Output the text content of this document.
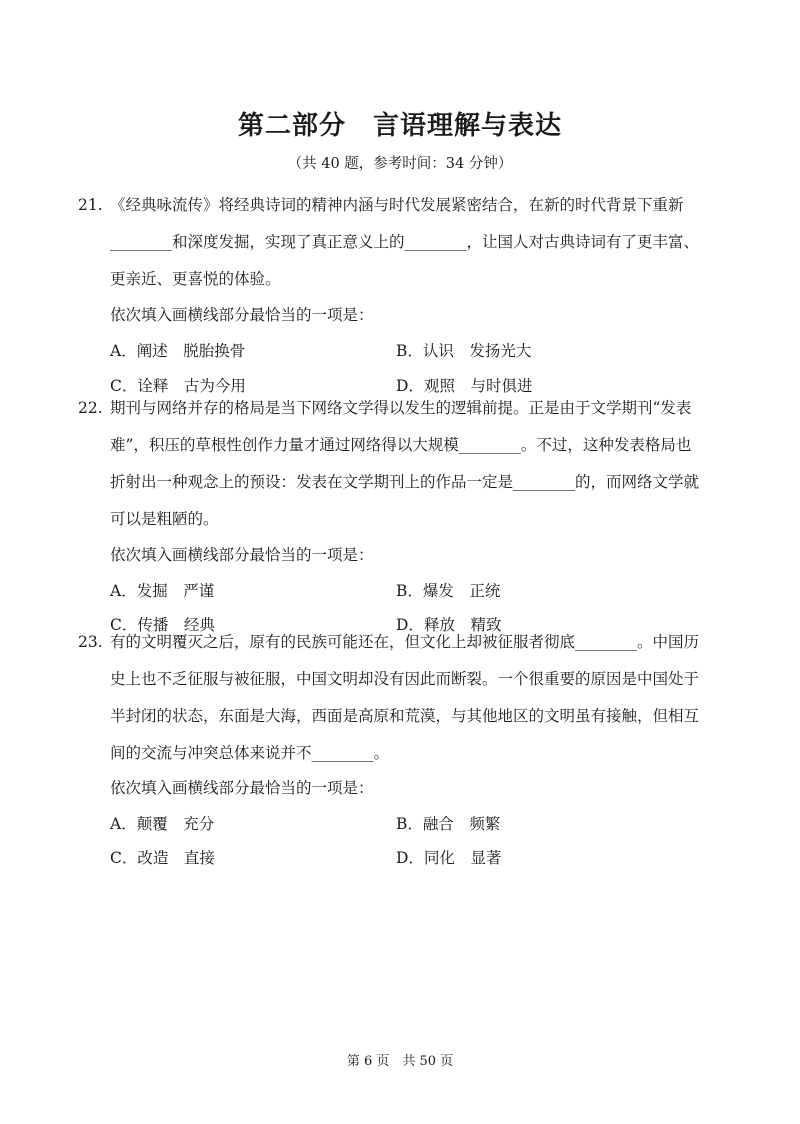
第二部分　言语理解与表达
（共 40 题，参考时间：34 分钟）
21. 《经典咏流传》将经典诗词的精神内涵与时代发展紧密结合，在新的时代背景下重新
________和深度发掘，实现了真正意义上的________，让国人对古典诗词有了更丰富、
更亲近、更喜悦的体验。
依次填入画横线部分最恰当的一项是：
A．阐述　脱胎换骨	B．认识　发扬光大
C．诠释　古为今用	D．观照　与时俱进
22. 期刊与网络并存的格局是当下网络文学得以发生的逻辑前提。正是由于文学期刊“发表
难”，积压的草根性创作力量才通过网络得以大规模________。不过，这种发表格局也
折射出一种观念上的预设：发表在文学期刊上的作品一定是________的，而网络文学就
可以是粗陋的。
依次填入画横线部分最恰当的一项是：
A．发掘　严谨	B．爆发　正统
C．传播　经典	D．释放　精致
23. 有的文明覆灭之后，原有的民族可能还在，但文化上却被征服者彻底________。中国历
史上也不乏征服与被征服，中国文明却没有因此而断裂。一个很重要的原因是中国处于
半封闭的状态，东面是大海，西面是高原和荒漠，与其他地区的文明虽有接触，但相互
间的交流与冲突总体来说并不________。
依次填入画横线部分最恰当的一项是：
A．颠覆　充分	B．融合　频繁
C．改造　直接	D．同化　显著
第 6 页　共 50 页
